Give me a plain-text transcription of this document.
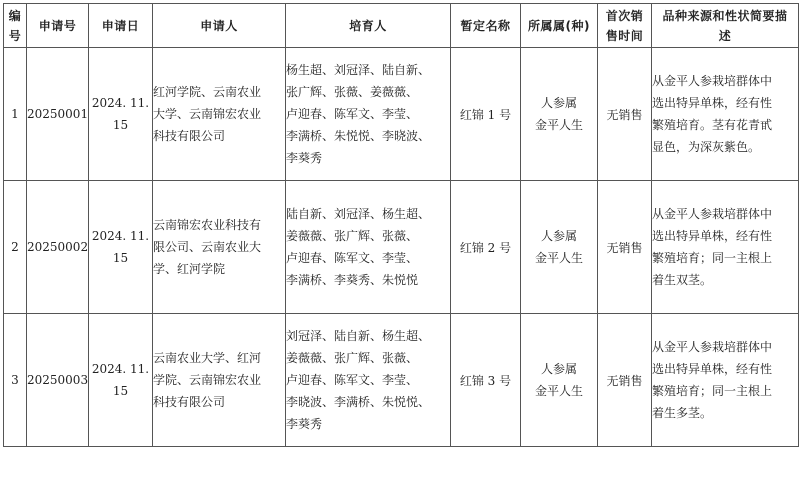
编
号	申请号	申请日	申请人	培育人	暂定名称	所属属(种)	首次销
售时间	品种来源和性状简要描
述

1	20250001	2024. 11.
15	红河学院、云南农业
大学、云南锦宏农业
科技有限公司	杨生超、刘冠泽、陆自新、
张广辉、张薇、姜薇薇、
卢迎春、陈军文、李莹、
李满桥、朱悦悦、李晓波、
李葵秀	红锦 1 号	人参属
金平人生	无销售	从金平人参栽培群体中
选出特异单株，经有性
繁殖培育。茎有花青甙
显色，为深灰紫色。

2	20250002	2024. 11.
15	云南锦宏农业科技有
限公司、云南农业大
学、红河学院	陆自新、刘冠泽、杨生超、
姜薇薇、张广辉、张薇、
卢迎春、陈军文、李莹、
李满桥、李葵秀、朱悦悦	红锦 2 号	人参属
金平人生	无销售	从金平人参栽培群体中
选出特异单株，经有性
繁殖培育；同一主根上
着生双茎。

3	20250003	2024. 11.
15	云南农业大学、红河
学院、云南锦宏农业
科技有限公司	刘冠泽、陆自新、杨生超、
姜薇薇、张广辉、张薇、
卢迎春、陈军文、李莹、
李晓波、李满桥、朱悦悦、
李葵秀	红锦 3 号	人参属
金平人生	无销售	从金平人参栽培群体中
选出特异单株，经有性
繁殖培育；同一主根上
着生多茎。
